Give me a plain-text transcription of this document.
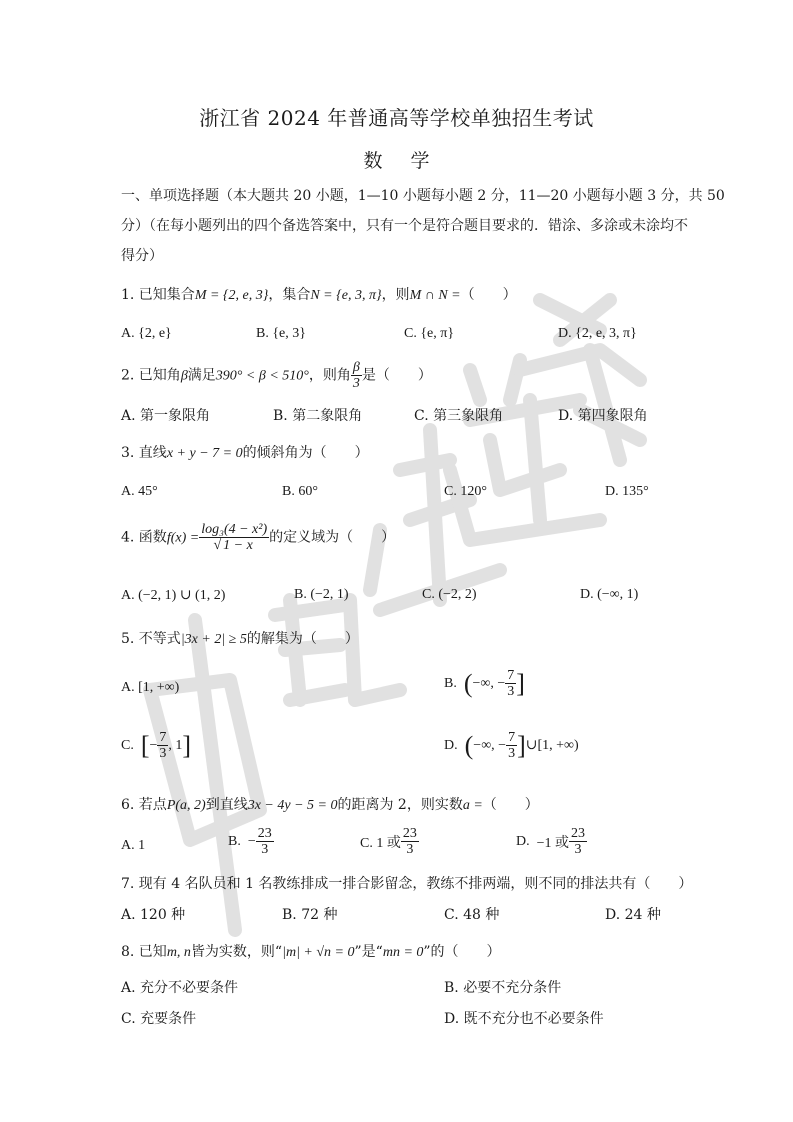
浙江省 2024 年普通高等学校单独招生考试
数学
一、单项选择题（本大题共 20 小题，1—10 小题每小题 2 分，11—20 小题每小题 3 分，共 50
分）（在每小题列出的四个备选答案中，只有一个是符合题目要求的．错涂、多涂或未涂均不
得分）
1. 已知集合M = {2, e, 3}，集合N = {e, 3, π}，则M ∩ N =（　　）
A. {2, e}	B. {e, 3}	C. {e, π}	D. {2, e, 3, π}
2. 已知角β满足390° < β < 510°，则角 $\frac{\beta}{3}$ 是（　　）
A. 第一象限角	B. 第二象限角	C. 第三象限角	D. 第四象限角
3. 直线x + y − 7 = 0的倾斜角为（　　）
A. 45°	B. 60°	C. 120°	D. 135°
4. 函数$f(x) = \frac{\text{log₃(4 − x²)}}{√ 1 - x}$ 的定义域为（　　）
A. (−2, 1) ∪ (1, 2)	B. (−2, 1)	C. (−2, 2)	D. (−∞, 1)
5. 不等式|3x + 2| ≥ 5的解集为（　　）
A. [1, +∞)	B.
( −∞, − $\frac{7}{3}$ ]
C.
[ − $\frac{7}{3}$ , 1 ]	D.
( −∞, − $\frac{7}{3}$ ] ∪[1, +∞)
6. 若点P(a, 2)到直线3x − 4y − 5 = 0的距离为 2，则实数a =（　　）
A. 1	B.
− $\frac{23}{3}$	C. 1 或 $\frac{23}{3}$	D.
−1 或 $\frac{23}{3}$
7. 现有 4 名队员和 1 名教练排成一排合影留念，教练不排两端，则不同的排法共有（　　）
A. 120 种	B. 72 种	C. 48 种	D. 24 种
8. 已知m, n皆为实数，则“|m| + √n = 0”是“mn = 0”的（　　）
A. 充分不必要条件	B. 必要不充分条件
C. 充要条件	D. 既不充分也不必要条件
